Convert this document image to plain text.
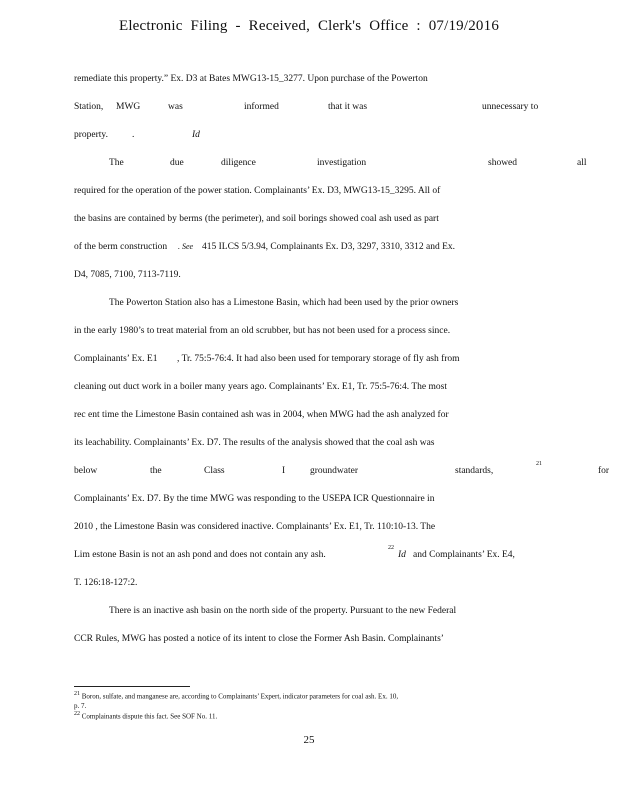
Electronic Filing - Received, Clerk's Office : 07/19/2016
remediate this property.” Ex. D3 at Bates MWG13-15_3277. Upon purchase of the Powerton
Station, MWG	was	informed	that it was	unnecessary to
property.	.	Id
The	due	diligence	investigation	showed	all
required for the operation of the power station. Complainants’ Ex. D3, MWG13-15_3295. All of
the basins are contained by berms (the perimeter), and soil borings showed coal ash used as part
of the berm construction . See 415 ILCS 5/3.94, Complainants Ex. D3, 3297, 3310, 3312 and Ex.
D4, 7085, 7100, 7113-7119.
The Powerton Station also has a Limestone Basin, which had been used by the prior owners
in the early 1980’s to treat material from an old scrubber, but has not been used for a process since.
Complainants’ Ex. E1 , Tr. 75:5-76:4. It had also been used for temporary storage of fly ash from
cleaning out duct work in a boiler many years ago. Complainants’ Ex. E1, Tr. 75:5-76:4. The most
rec ent time the Limestone Basin contained ash was in 2004, when MWG had the ash analyzed for
its leachability. Complainants’ Ex. D7. The results of the analysis showed that the coal ash was
below	the	Class	I	groundwater	standards,
21
for
Complainants’ Ex. D7. By the time MWG was responding to the USEPA ICR Questionnaire in
2010 , the Limestone Basin was considered inactive. Complainants’ Ex. E1, Tr. 110:10-13. The
Lim estone Basin is not an ash pond and does not contain any ash.
22
Id and Complainants’ Ex. E4,
T. 126:18-127:2.
There is an inactive ash basin on the north side of the property. Pursuant to the new Federal
CCR Rules, MWG has posted a notice of its intent to close the Former Ash Basin. Complainants’
21 Boron, sulfate, and manganese are, according to Complainants’ Expert, indicator parameters for coal ash. Ex. 10,
p. 7.
22 Complainants dispute this fact. See SOF No. 11.
25
